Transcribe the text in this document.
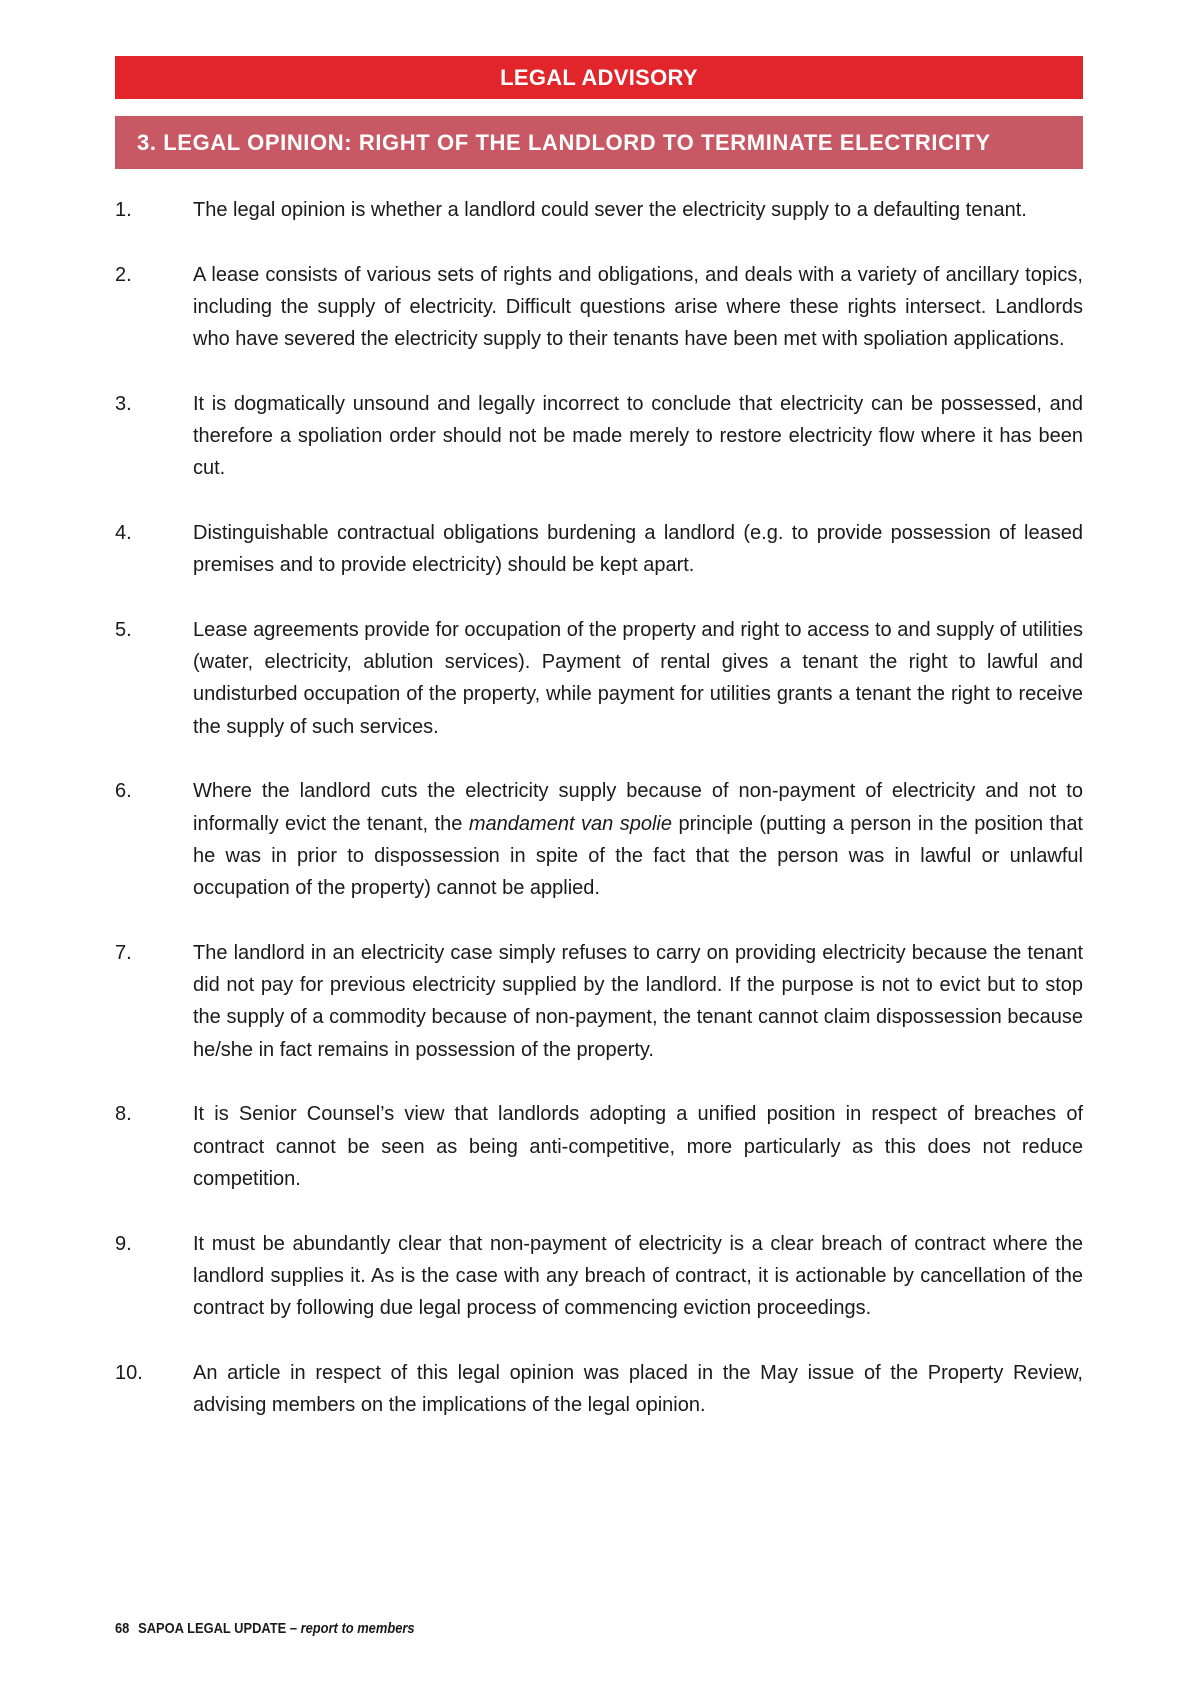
LEGAL ADVISORY
3. LEGAL OPINION: RIGHT OF THE LANDLORD TO TERMINATE ELECTRICITY
1.	The legal opinion is whether a landlord could sever the electricity supply to a defaulting tenant.
2.	A lease consists of various sets of rights and obligations, and deals with a variety of ancillary topics, including the supply of electricity. Difficult questions arise where these rights intersect. Landlords who have severed the electricity supply to their tenants have been met with spoliation applications.
3.	It is dogmatically unsound and legally incorrect to conclude that electricity can be possessed, and therefore a spoliation order should not be made merely to restore electricity flow where it has been cut.
4.	Distinguishable contractual obligations burdening a landlord (e.g. to provide possession of leased premises and to provide electricity) should be kept apart.
5.	Lease agreements provide for occupation of the property and right to access to and supply of utilities (water, electricity, ablution services). Payment of rental gives a tenant the right to lawful and undisturbed occupation of the property, while payment for utilities grants a tenant the right to receive the supply of such services.
6.	Where the landlord cuts the electricity supply because of non-payment of electricity and not to informally evict the tenant, the mandament van spolie principle (putting a person in the position that he was in prior to dispossession in spite of the fact that the person was in lawful or unlawful occupation of the property) cannot be applied.
7.	The landlord in an electricity case simply refuses to carry on providing electricity because the tenant did not pay for previous electricity supplied by the landlord. If the purpose is not to evict but to stop the supply of a commodity because of non-payment, the tenant cannot claim dispossession because he/she in fact remains in possession of the property.
8.	It is Senior Counsel’s view that landlords adopting a unified position in respect of breaches of contract cannot be seen as being anti-competitive, more particularly as this does not reduce competition.
9.	It must be abundantly clear that non-payment of electricity is a clear breach of contract where the landlord supplies it. As is the case with any breach of contract, it is actionable by cancellation of the contract by following due legal process of commencing eviction proceedings.
10.	An article in respect of this legal opinion was placed in the May issue of the Property Review, advising members on the implications of the legal opinion.
68 SAPOA LEGAL UPDATE – report to members
